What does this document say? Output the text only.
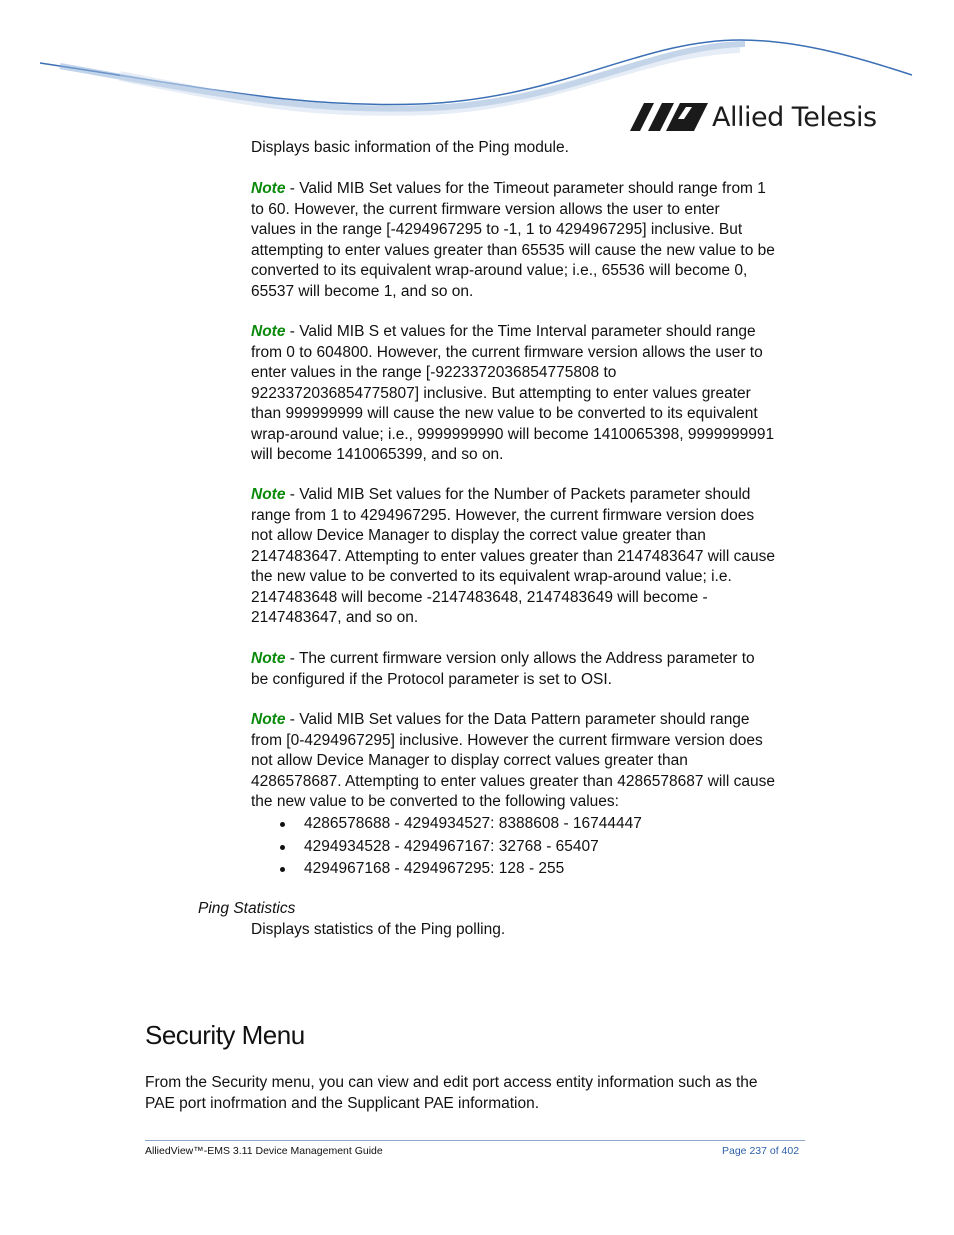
Allied Telesis
Displays basic information of the Ping module.
Note - Valid MIB Set values for the Timeout parameter should range from 1
to 60. However, the current firmware version allows the user to enter
values in the range [-4294967295 to -1, 1 to 4294967295] inclusive. But
attempting to enter values greater than 65535 will cause the new value to be
converted to its equivalent wrap-around value; i.e., 65536 will become 0,
65537 will become 1, and so on.
Note - Valid MIB S et values for the Time Interval parameter should range
from 0 to 604800. However, the current firmware version allows the user to
enter values in the range [-9223372036854775808 to
9223372036854775807] inclusive. But attempting to enter values greater
than 999999999 will cause the new value to be converted to its equivalent
wrap-around value; i.e., 9999999990 will become 1410065398, 9999999991
will become 1410065399, and so on.
Note - Valid MIB Set values for the Number of Packets parameter should
range from 1 to 4294967295. However, the current firmware version does
not allow Device Manager to display the correct value greater than
2147483647. Attempting to enter values greater than 2147483647 will cause
the new value to be converted to its equivalent wrap-around value; i.e.
2147483648 will become -2147483648, 2147483649 will become -
2147483647, and so on.
Note - The current firmware version only allows the Address parameter to
be configured if the Protocol parameter is set to OSI.
Note - Valid MIB Set values for the Data Pattern parameter should range
from [0-4294967295] inclusive. However the current firmware version does
not allow Device Manager to display correct values greater than
4286578687. Attempting to enter values greater than 4286578687 will cause
the new value to be converted to the following values:
4286578688 - 4294934527: 8388608 - 16744447
4294934528 - 4294967167: 32768 - 65407
4294967168 - 4294967295: 128 - 255
Ping Statistics
Displays statistics of the Ping polling.
Security Menu
From the Security menu, you can view and edit port access entity information such as the
PAE port inofrmation and the Supplicant PAE information.
AlliedView™-EMS 3.11 Device Management Guide	Page 237 of 402
